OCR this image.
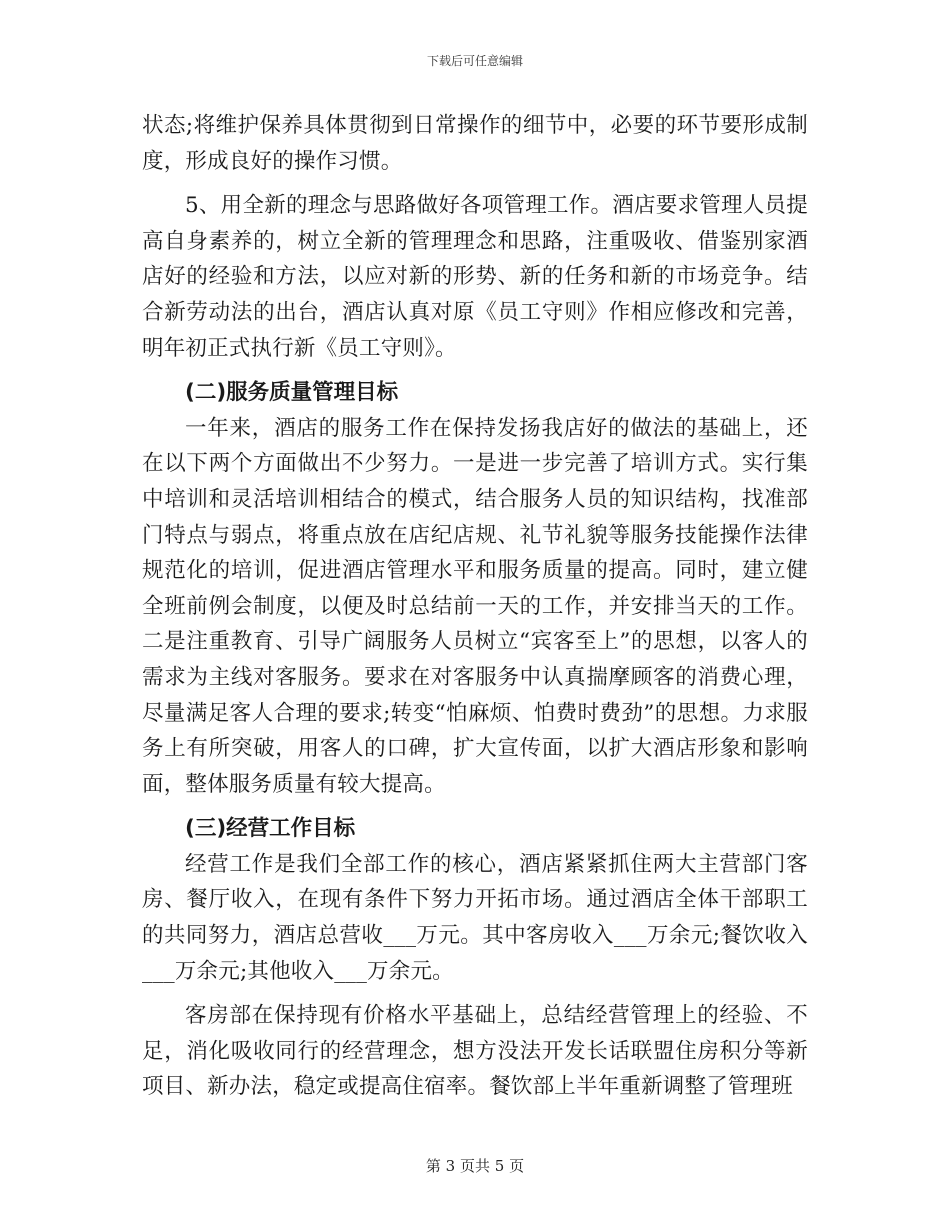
下载后可任意编辑

状态;将维护保养具体贯彻到日常操作的细节中，必要的环节要形成制度，形成良好的操作习惯。

5、用全新的理念与思路做好各项管理工作。酒店要求管理人员提高自身素养的，树立全新的管理理念和思路，注重吸收、借鉴别家酒店好的经验和方法，以应对新的形势、新的任务和新的市场竞争。结合新劳动法的出台，酒店认真对原《员工守则》作相应修改和完善，明年初正式执行新《员工守则》。

(二)服务质量管理目标

一年来，酒店的服务工作在保持发扬我店好的做法的基础上，还在以下两个方面做出不少努力。一是进一步完善了培训方式。实行集中培训和灵活培训相结合的模式，结合服务人员的知识结构，找准部门特点与弱点，将重点放在店纪店规、礼节礼貌等服务技能操作法律规范化的培训，促进酒店管理水平和服务质量的提高。同时，建立健全班前例会制度，以便及时总结前一天的工作，并安排当天的工作。二是注重教育、引导广阔服务人员树立“宾客至上”的思想，以客人的需求为主线对客服务。要求在对客服务中认真揣摩顾客的消费心理，尽量满足客人合理的要求;转变“怕麻烦、怕费时费劲”的思想。力求服务上有所突破，用客人的口碑，扩大宣传面，以扩大酒店形象和影响面，整体服务质量有较大提高。

(三)经营工作目标

经营工作是我们全部工作的核心，酒店紧紧抓住两大主营部门客房、餐厅收入，在现有条件下努力开拓市场。通过酒店全体干部职工的共同努力，酒店总营收___万元。其中客房收入___万余元;餐饮收入___万余元;其他收入___万余元。

客房部在保持现有价格水平基础上，总结经营管理上的经验、不足，消化吸收同行的经营理念，想方没法开发长话联盟住房积分等新项目、新办法，稳定或提高住宿率。餐饮部上半年重新调整了管理班

第 3 页共 5 页
